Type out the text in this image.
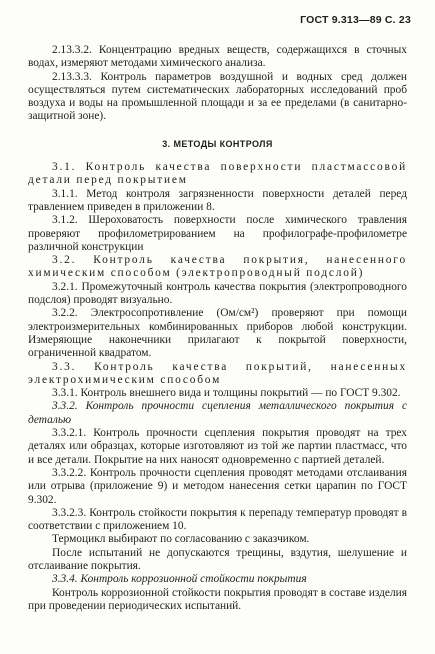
ГОСТ 9.313—89 С. 23

2.13.3.2. Концентрацию вредных веществ, содержащихся в сточных водах, измеряют методами химического анализа.

2.13.3.3. Контроль параметров воздушной и водных сред должен осуществляться путем систематических лабораторных исследований проб воздуха и воды на промышленной площади и за ее пределами (в санитарно-защитной зоне).

3. МЕТОДЫ КОНТРОЛЯ

3.1. Контроль качества поверхности пластмассовой детали перед покрытием

3.1.1. Метод контроля загрязненности поверхности деталей перед травлением приведен в приложении 8.

3.1.2. Шероховатость поверхности после химического травления проверяют профилометрированием на профилографе-профилометре различной конструкции

3.2. Контроль качества покрытия, нанесенного химическим способом (электропроводный подслой)

3.2.1. Промежуточный контроль качества покрытия (электропроводного подслоя) проводят визуально.

3.2.2. Электросопротивление (Ом/см²) проверяют при помощи электроизмерительных комбинированных приборов любой конструкции. Измеряющие наконечники прилагают к покрытой поверхности, ограниченной квадратом.

3.3. Контроль качества покрытий, нанесенных электрохимическим способом

3.3.1. Контроль внешнего вида и толщины покрытий — по ГОСТ 9.302.

3.3.2. Контроль прочности сцепления металлического покрытия с деталью

3.3.2.1. Контроль прочности сцепления покрытия проводят на трех деталях или образцах, которые изготовляют из той же партии пластмасс, что и все детали. Покрытие на них наносят одновременно с партией деталей.

3.3.2.2. Контроль прочности сцепления проводят методами отслаивания или отрыва (приложение 9) и методом нанесения сетки царапин по ГОСТ 9.302.

3.3.2.3. Контроль стойкости покрытия к перепаду температур проводят в соответствии с приложением 10.

Термоцикл выбирают по согласованию с заказчиком.

После испытаний не допускаются трещины, вздутия, шелушение и отслаивание покрытия.

3.3.4. Контроль коррозионной стойкости покрытия

Контроль коррозионной стойкости покрытия проводят в составе изделия при проведении периодических испытаний.
